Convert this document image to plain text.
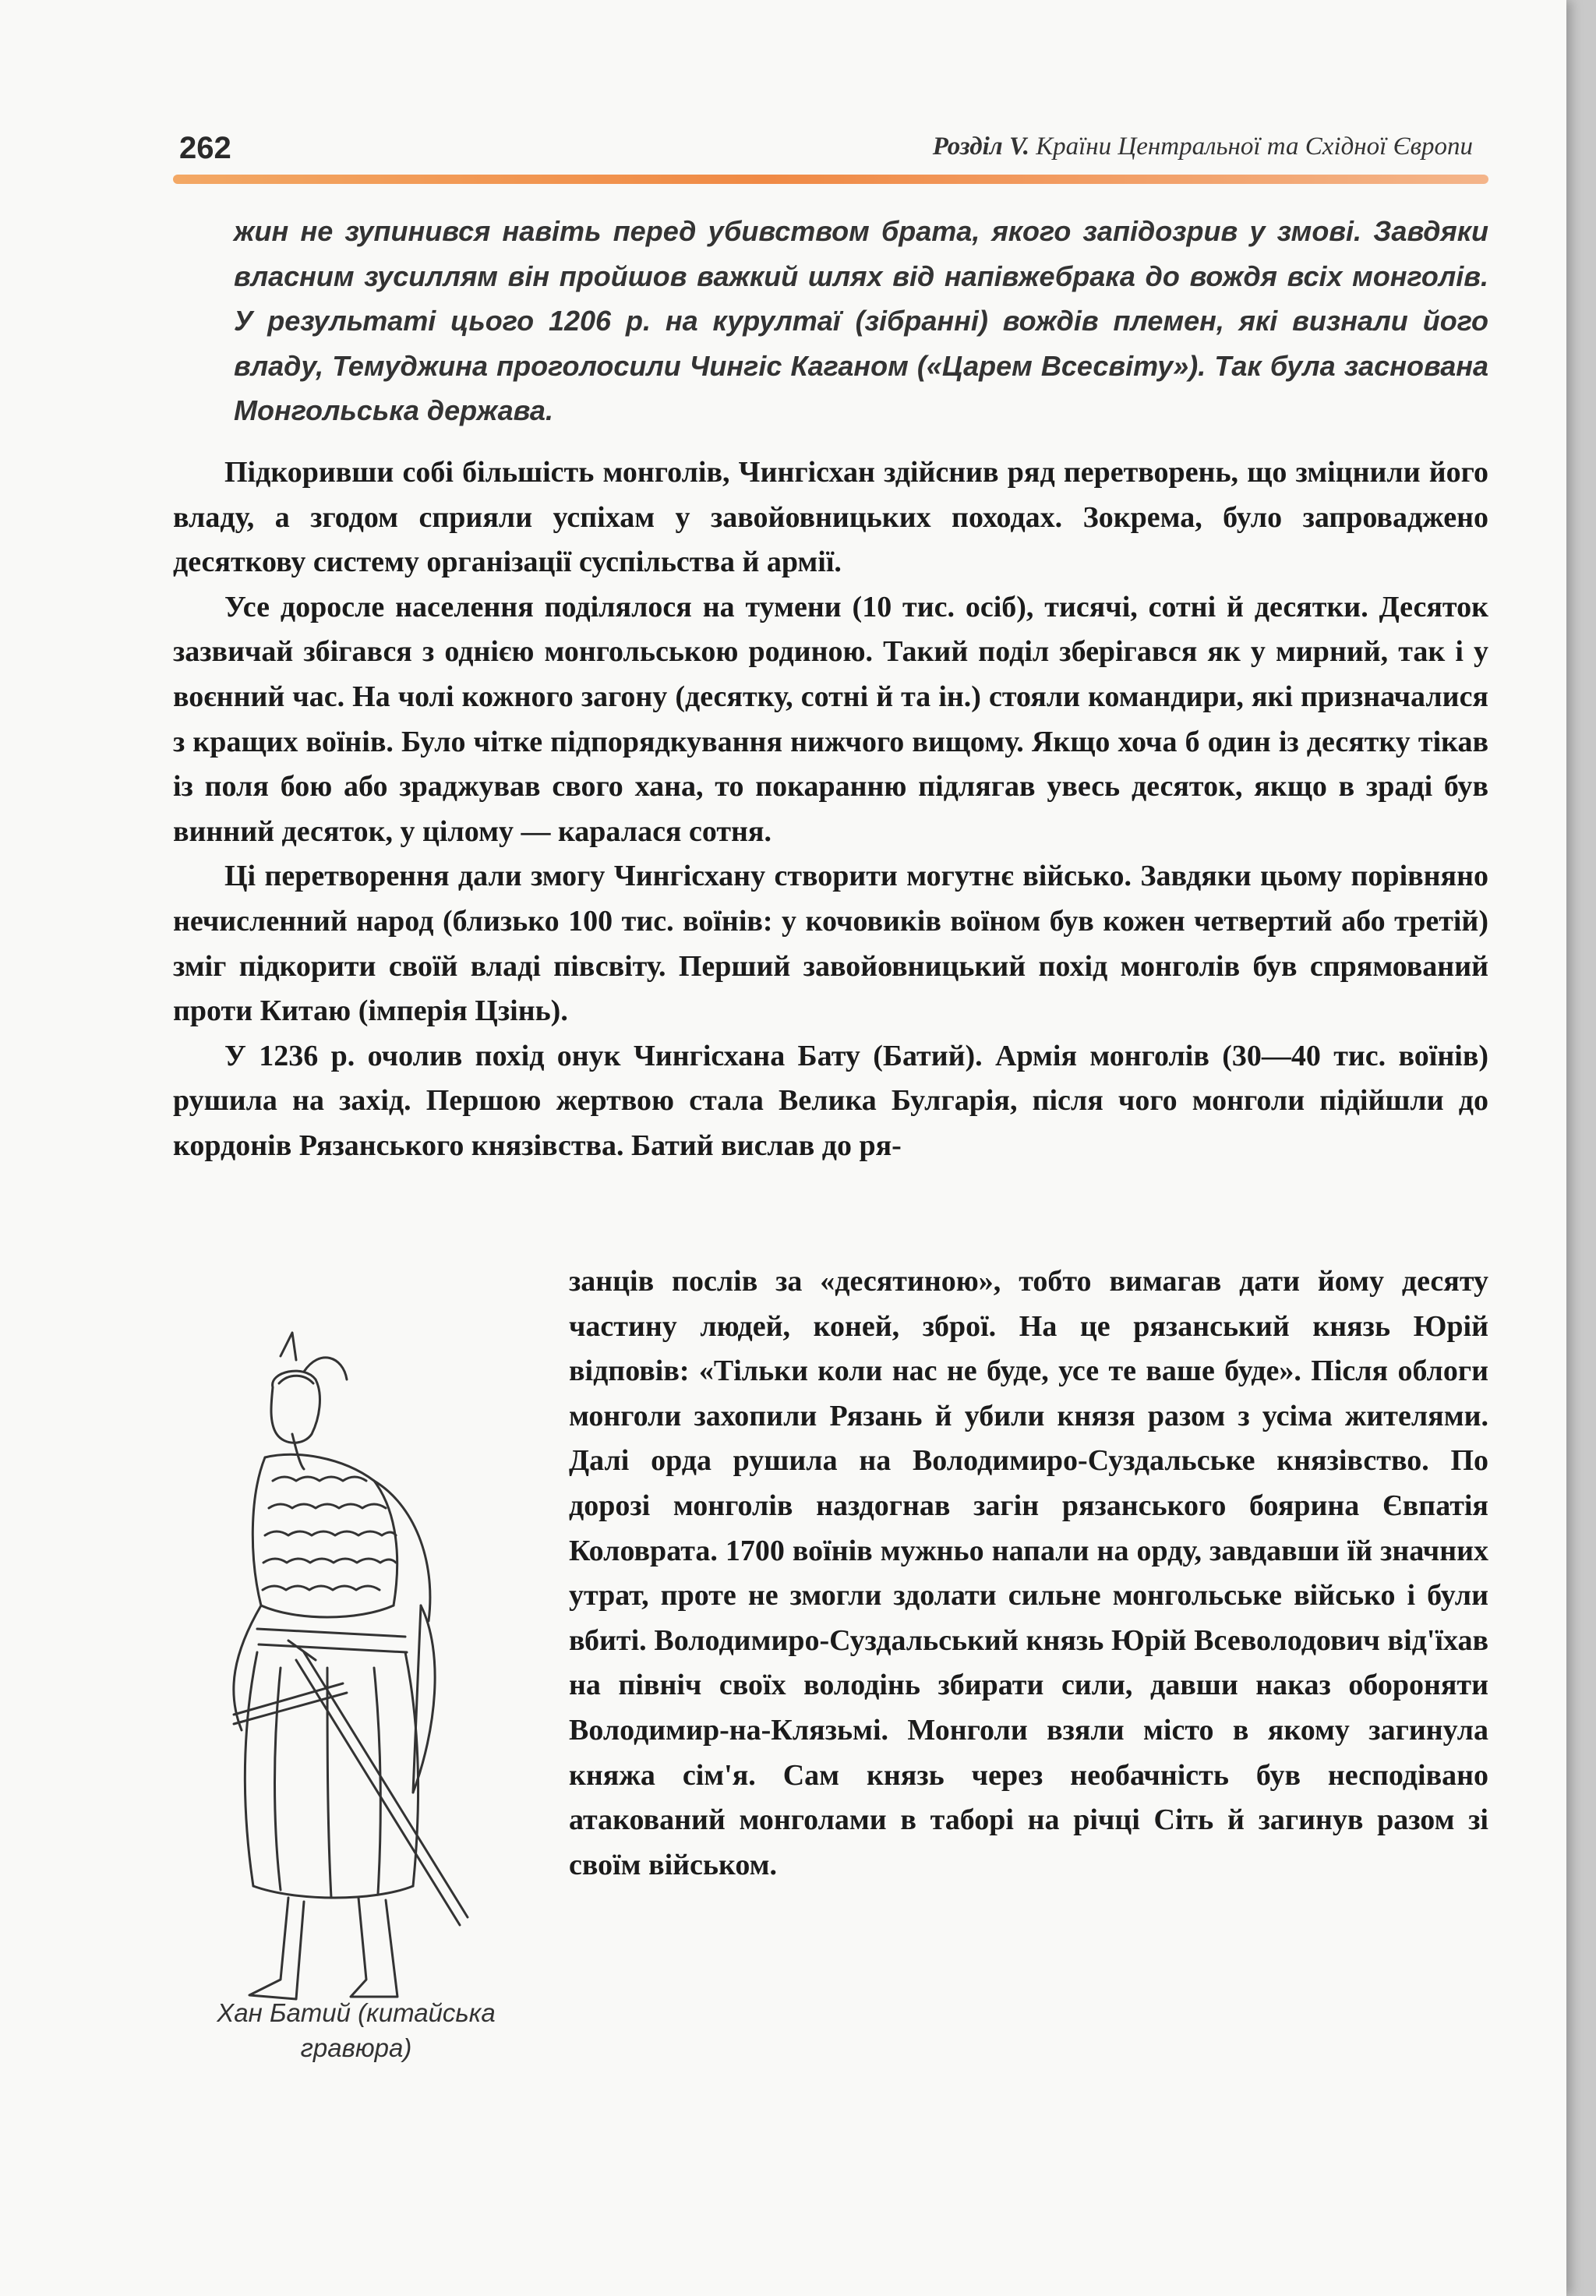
262	Розділ V. Країни Центральної та Східної Європи
жин не зупинився навіть перед убивством брата, якого запідозрив у змові. Завдяки власним зусиллям він пройшов важкий шлях від напівжебрака до вождя всіх монголів. У результаті цього 1206 р. на курултаї (зібранні) вождів племен, які визнали його владу, Темуджина проголосили Чингіс Каганом («Царем Всесвіту»). Так була заснована Монгольська держава.

Підкоривши собі більшість монголів, Чингісхан здійснив ряд перетворень, що зміцнили його владу, а згодом сприяли успіхам у завойовницьких походах. Зокрема, було запроваджено десяткову систему організації суспільства й армії.

Усе доросле населення поділялося на тумени (10 тис. осіб), тисячі, сотні й десятки. Десяток зазвичай збігався з однією монгольською родиною. Такий поділ зберігався як у мирний, так і у воєнний час. На чолі кожного загону (десятку, сотні й та ін.) стояли командири, які призначалися з кращих воїнів. Було чітке підпорядкування нижчого вищому. Якщо хоча б один із десятку тікав із поля бою або зраджував свого хана, то покаранню підлягав увесь десяток, якщо в зраді був винний десяток, у цілому — каралася сотня.

Ці перетворення дали змогу Чингісхану створити могутнє військо. Завдяки цьому порівняно нечисленний народ (близько 100 тис. воїнів: у кочовиків воїном був кожен четвертий або третій) зміг підкорити своїй владі півсвіту. Перший завойовницький похід монголів був спрямований проти Китаю (імперія Цзінь).

У 1236 р. очолив похід онук Чингісхана Бату (Батий). Армія монголів (30—40 тис. воїнів) рушила на захід. Першою жертвою стала Велика Булгарія, після чого монголи підійшли до кордонів Рязанського князівства. Батий вислав до ря-

занців послів за «десятиною», тобто вимагав дати йому десяту частину людей, коней, зброї. На це рязанський князь Юрій відповів: «Тільки коли нас не буде, усе те ваше буде». Після облоги монголи захопили Рязань й убили князя разом з усіма жителями. Далі орда рушила на Володимиро-Суздальське князівство. По дорозі монголів наздогнав загін рязанського боярина Євпатія Коловрата. 1700 воїнів мужньо напали на орду, завдавши їй значних утрат, проте не змогли здолати сильне монгольське військо і були вбиті. Володимиро-Суздальський князь Юрій Всеволодович від'їхав на північ своїх володінь збирати сили, давши наказ обороняти Володимир-на-Клязьмі. Монголи взяли місто в якому загинула княжа сім'я. Сам князь через необачність був несподівано атакований монголами в таборі на річці Сіть й загинув разом зі своїм військом.

Хан Батий (китайська гравюра)
